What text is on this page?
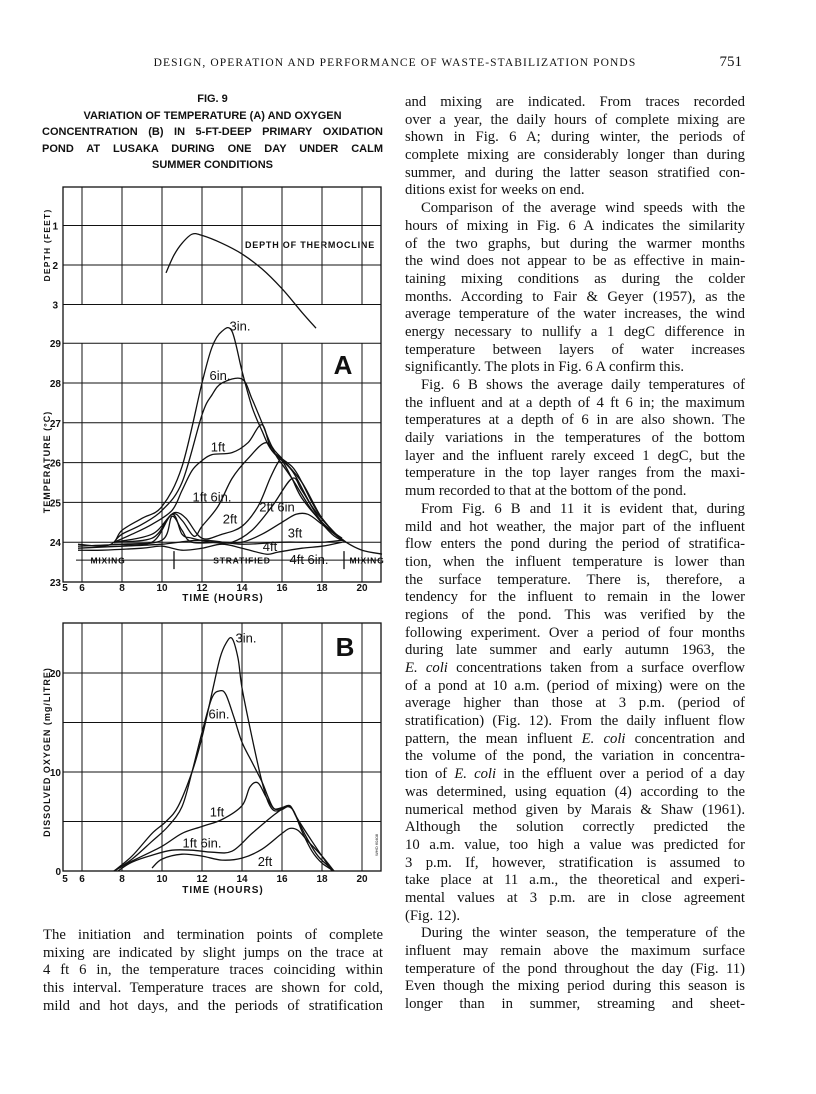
DESIGN, OPERATION AND PERFORMANCE OF WASTE-STABILIZATION PONDS	751
FIG. 9
VARIATION OF TEMPERATURE (A) AND OXYGEN
CONCENTRATION (B) IN 5-FT-DEEP PRIMARY OXIDATION
POND AT LUSAKA DURING ONE DAY UNDER CALM
SUMMER CONDITIONS
1
2
3
23
24
25
26
27
28
29
5 6	8	10	12	14	16	18	20
TIME (HOURS)
DEPTH (FEET)
TEMPERATURE (°C)
DEPTH OF THERMOCLINE
A
3in.
6in.
1ft
1ft 6in.
2ft
2ft 6in
3ft
4ft
4ft 6in.
MIXING	STRATIFIED	MIXING
0
10
20
5 6	8	10	12	14	16	18	20
TIME (HOURS)
DISSOLVED OXYGEN (mg/LITRE)
B
3in.
6in.
1ft
1ft 6in.
2ft
WHO 60408
The initiation and termination points of complete
mixing are indicated by slight jumps on the trace at
4 ft 6 in, the temperature traces coinciding within
this interval. Temperature traces are shown for cold,
mild and hot days, and the periods of stratification
and mixing are indicated. From traces recorded
over a year, the daily hours of complete mixing are
shown in Fig. 6 A; during winter, the periods of
complete mixing are considerably longer than during
summer, and during the latter season stratified con-
ditions exist for weeks on end.
Comparison of the average wind speeds with the
hours of mixing in Fig. 6 A indicates the similarity
of the two graphs, but during the warmer months
the wind does not appear to be as effective in main-
taining mixing conditions as during the colder
months. According to Fair & Geyer (1957), as the
average temperature of the water increases, the wind
energy necessary to nullify a 1 degC difference in
temperature between layers of water increases
significantly. The plots in Fig. 6 A confirm this.
Fig. 6 B shows the average daily temperatures of
the influent and at a depth of 4 ft 6 in; the maximum
temperatures at a depth of 6 in are also shown. The
daily variations in the temperatures of the bottom
layer and the influent rarely exceed 1 degC, but the
temperature in the top layer ranges from the maxi-
mum recorded to that at the bottom of the pond.
From Fig. 6 B and 11 it is evident that, during
mild and hot weather, the major part of the influent
flow enters the pond during the period of stratifica-
tion, when the influent temperature is lower than
the surface temperature. There is, therefore, a
tendency for the influent to remain in the lower
regions of the pond. This was verified by the
following experiment. Over a period of four months
during late summer and early autumn 1963, the
E. coli concentrations taken from a surface overflow
of a pond at 10 a.m. (period of mixing) were on the
average higher than those at 3 p.m. (period of
stratification) (Fig. 12). From the daily influent flow
pattern, the mean influent E. coli concentration and
the volume of the pond, the variation in concentra-
tion of E. coli in the effluent over a period of a day
was determined, using equation (4) according to the
numerical method given by Marais & Shaw (1961).
Although the solution correctly predicted the
10 a.m. value, too high a value was predicted for
3 p.m. If, however, stratification is assumed to
take place at 11 a.m., the theoretical and experi-
mental values at 3 p.m. are in close agreement
(Fig. 12).
During the winter season, the temperature of the
influent may remain above the maximum surface
temperature of the pond throughout the day (Fig. 11)
Even though the mixing period during this season is
longer than in summer, streaming and sheet-
